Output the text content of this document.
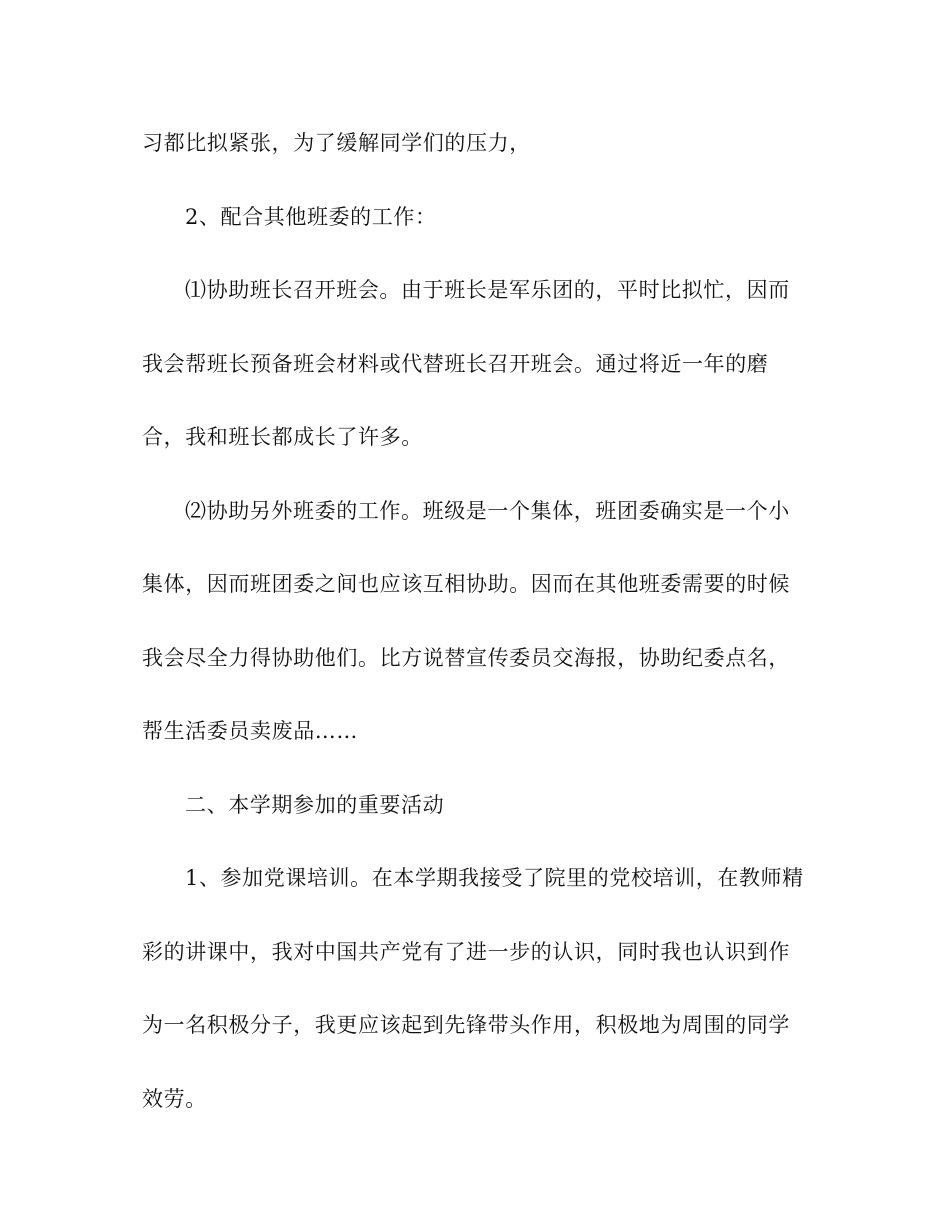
习都比拟紧张，为了缓解同学们的压力，
2、配合其他班委的工作：
⑴协助班长召开班会。由于班长是军乐团的，平时比拟忙，因而
我会帮班长预备班会材料或代替班长召开班会。通过将近一年的磨
合，我和班长都成长了许多。
⑵协助另外班委的工作。班级是一个集体，班团委确实是一个小
集体，因而班团委之间也应该互相协助。因而在其他班委需要的时候
我会尽全力得协助他们。比方说替宣传委员交海报，协助纪委点名，
帮生活委员卖废品……
二、本学期参加的重要活动
1、参加党课培训。在本学期我接受了院里的党校培训，在教师精
彩的讲课中，我对中国共产党有了进一步的认识，同时我也认识到作
为一名积极分子，我更应该起到先锋带头作用，积极地为周围的同学
效劳。
